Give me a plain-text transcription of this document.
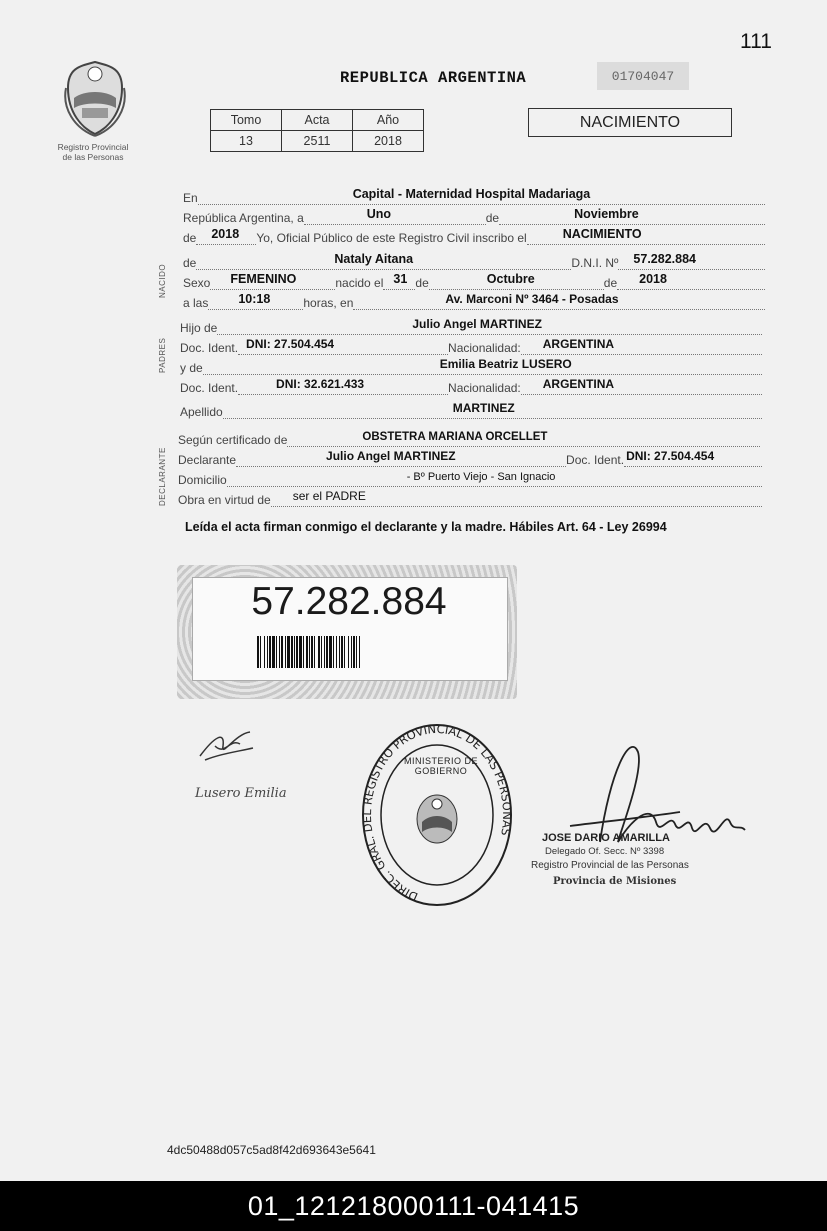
111
Registro Provincial
de las Personas
REPUBLICA ARGENTINA	01704047
Tomo	Acta	Año
13	2511	2018
NACIMIENTO
NACIDO
PADRES
DECLARANTE
En	Capital - Maternidad Hospital Madariaga
República Argentina, a	Uno	de	Noviembre
de 2018 Yo, Oficial Público de este Registro Civil inscribo el	NACIMIENTO
de	Nataly Aitana	D.N.I. Nº 57.282.884
Sexo FEMENINO	nacido el 31 de	Octubre	de 2018
a las 10:18	horas, en	Av. Marconi Nº 3464 - Posadas
Hijo de	Julio Angel MARTINEZ
Doc. Ident. DNI: 27.504.454	Nacionalidad: ARGENTINA
y de	Emilia Beatriz LUSERO
Doc. Ident.	DNI: 32.621.433	Nacionalidad: ARGENTINA
Apellido	MARTINEZ
Según certificado de	OBSTETRA MARIANA ORCELLET
Declarante	Julio Angel MARTINEZ	Doc. Ident. DNI: 27.504.454
Domicilio	- Bº Puerto Viejo - San Ignacio
Obra en virtud de ser el PADRE
Leída el acta firman conmigo el declarante y la madre. Hábiles Art. 64 - Ley 26994
57.282.884
Lusero Emilia
DIREC. GRAL. DEL REGISTRO PROVINCIAL DE LAS PERSONAS
MINISTERIO DE GOBIERNO
JOSE DARIO AMARILLA
Delegado Of. Secc. Nº 3398
Registro Provincial de las Personas
Provincia de Misiones
4dc50488d057c5ad8f42d693643e5641
01_121218000111-041415
